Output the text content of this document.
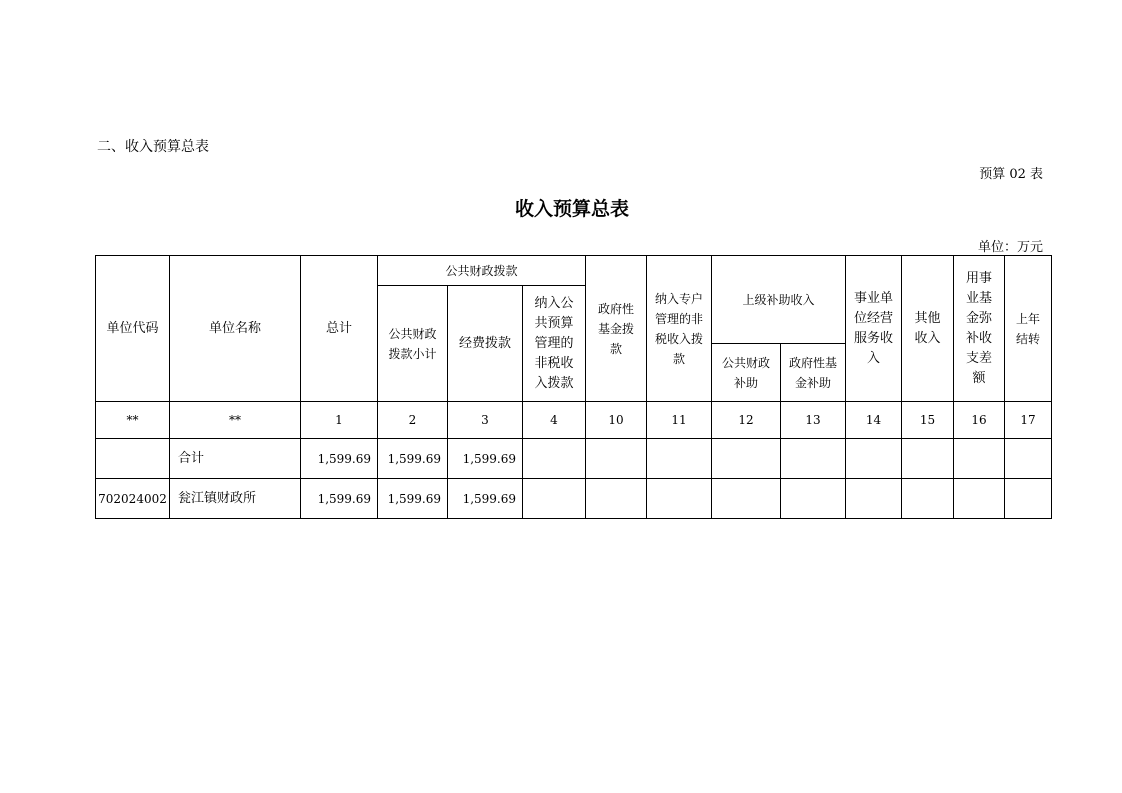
二、收入预算总表
预算 02 表
收入预算总表
单位：万元
单位代码	单位名称	总计	公共财政拨款			政府性基金拨款	纳入专户管理的非税收入拨款	上级补助收入		事业单位经营服务收入	其他收入	用事业基金弥补收支差额	上年结转
			公共财政拨款小计	经费拨款	纳入公共预算管理的非税收入拨款								
								公共财政补助	政府性基金补助				
**	**	1	2	3	4	10	11	12	13	14	15	16	17
	合计	1,599.69	1,599.69	1,599.69									
702024002	瓮江镇财政所	1,599.69	1,599.69	1,599.69									
